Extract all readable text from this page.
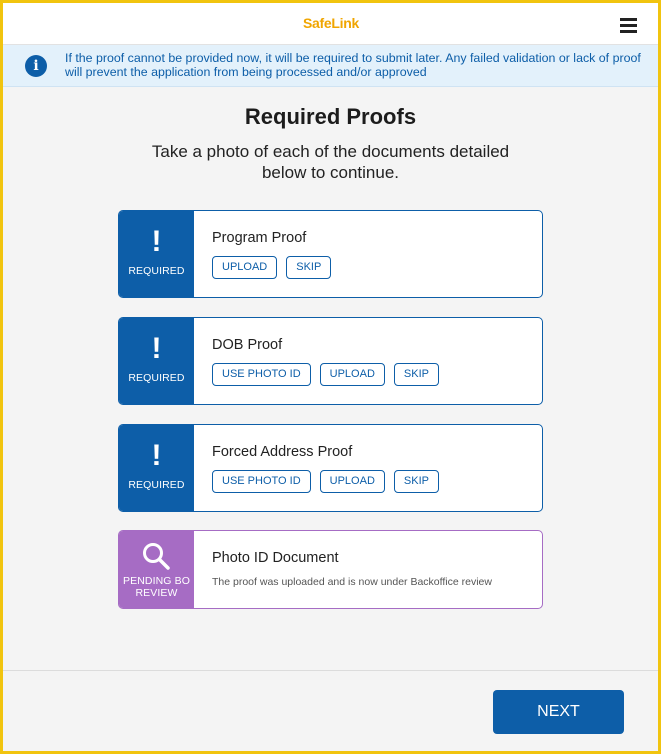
SafeLink
i	If the proof cannot be provided now, it will be required to submit later. Any failed validation or lack of proof will prevent the application from being processed and/or approved
Required Proofs
Take a photo of each of the documents detailed below to continue.
!
REQUIRED
Program Proof
UPLOAD	SKIP
!
REQUIRED
DOB Proof
USE PHOTO ID	UPLOAD	SKIP
!
REQUIRED
Forced Address Proof
USE PHOTO ID	UPLOAD	SKIP
PENDING BO REVIEW
Photo ID Document
The proof was uploaded and is now under Backoffice review
NEXT
